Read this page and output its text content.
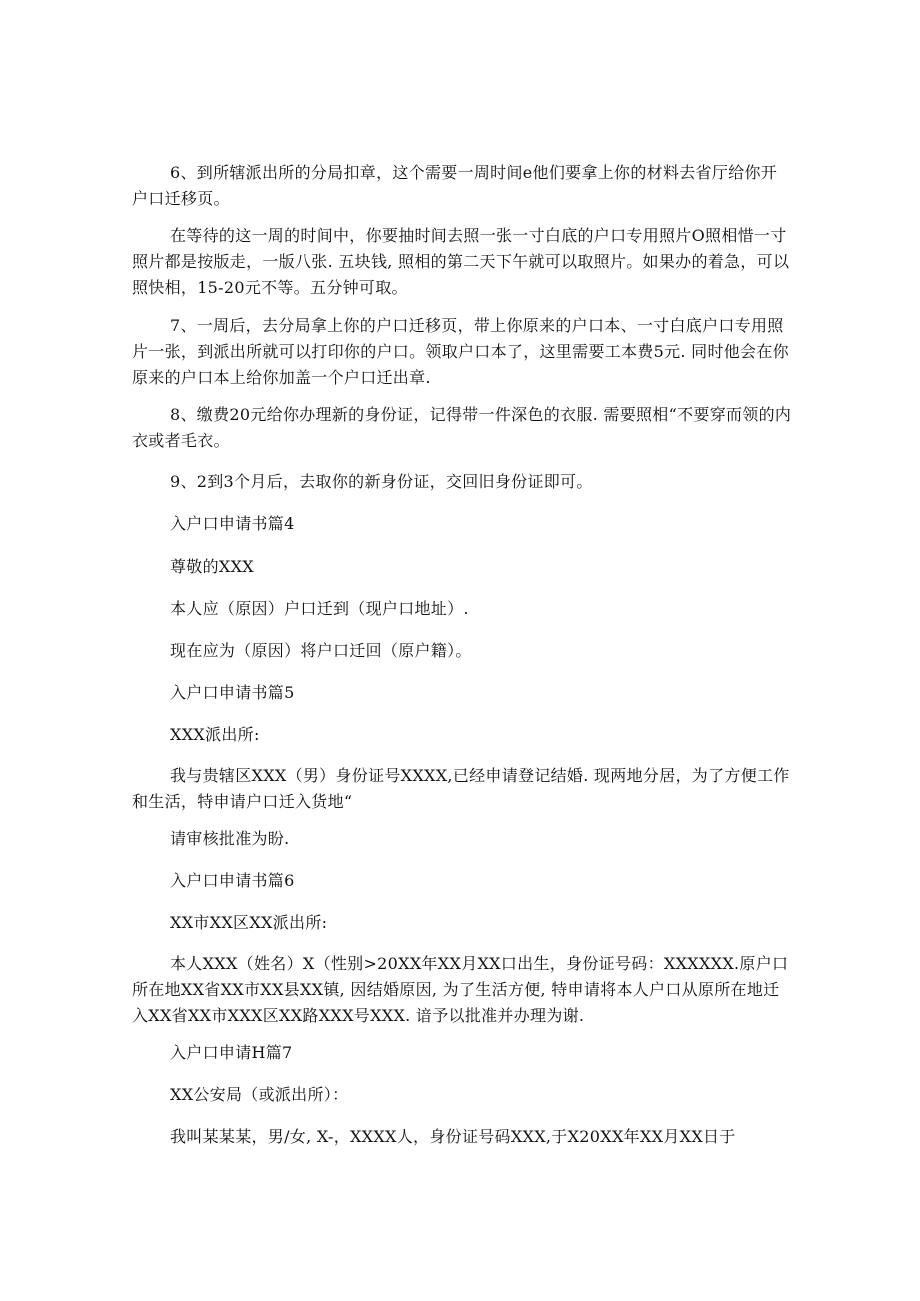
6、到所辖派出所的分局扣章，这个需要一周时间e他们要拿上你的材料去省厅给你开户口迁移页。
在等待的这一周的时间中，你要抽时间去照一张一寸白底的户口专用照片O照相惜一寸照片都是按版走，一版八张. 五块钱, 照相的第二天下午就可以取照片。如果办的着急，可以照快相，15-20元不等。五分钟可取。
7、一周后，去分局拿上你的户口迁移页，带上你原来的户口本、一寸白底户口专用照片一张，到派出所就可以打印你的户口。领取户口本了，这里需要工本费5元. 同时他会在你原来的户口本上给你加盖一个户口迁出章.
8、缴费20元给你办理新的身份证，记得带一件深色的衣服. 需要照相“不要穿而领的内衣或者毛衣。
9、2到3个月后，去取你的新身份证，交回旧身份证即可。
入户口申请书篇4
尊敬的XXX
本人应（原因）户口迁到（现户口地址）.
现在应为（原因）将户口迁回（原户籍）。
入户口申请书篇5
XXX派出所:
我与贵辖区XXX（男）身份证号XXXX,已经申请登记结婚. 现两地分居，为了方便工作和生活，特申请户口迁入货地“
请审核批准为盼.
入户口申请书篇6
XX市XX区XX派出所:
本人XXX（姓名）X（性别>20XX年XX月XX口出生，身份证号码：XXXXXX.原户口所在地XX省XX市XX县XX镇, 因结婚原因, 为了生活方便, 特申请将本人户口从原所在地迁入XX省XX市XXX区XX路XXX号XXX. 谙予以批准并办理为谢.
入户口申请H篇7
XX公安局（或派出所）：
我叫某某某，男/女, X-，XXXX人，身份证号码XXX,于X20XX年XX月XX日于
